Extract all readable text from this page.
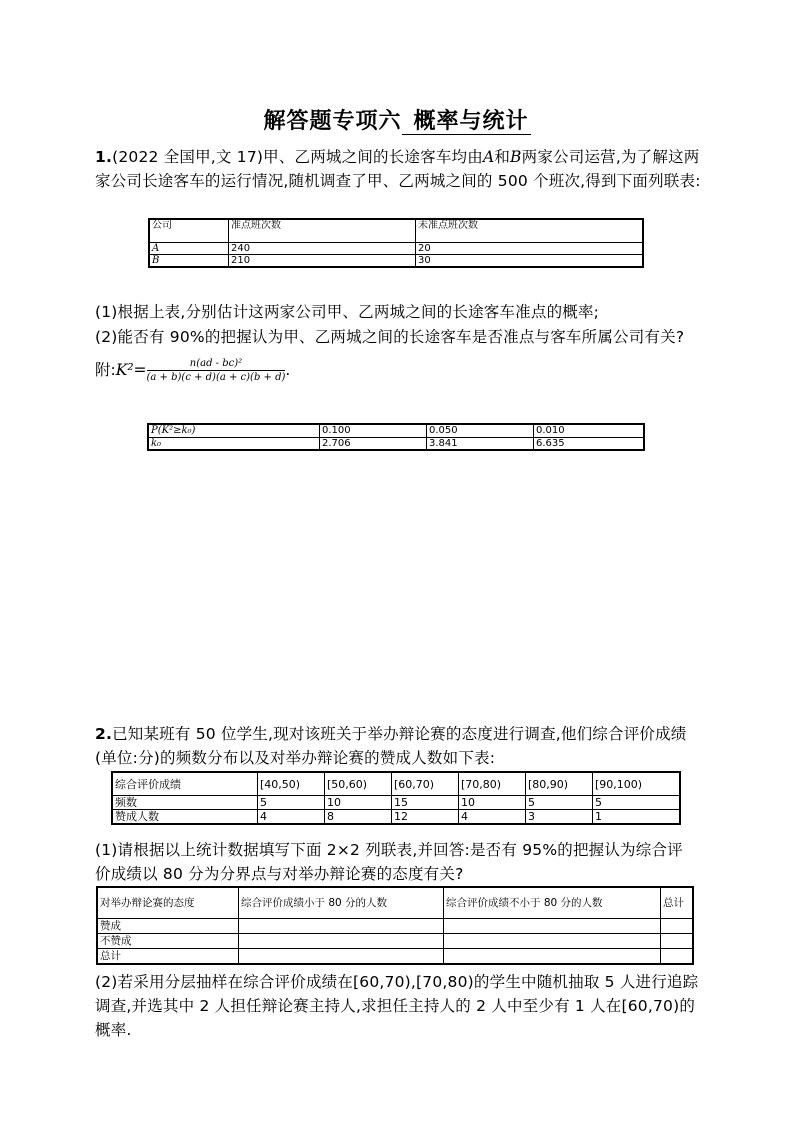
解答题专项六 概率与统计
1.(2022 全国甲,文 17)甲、乙两城之间的长途客车均由A和B两家公司运营,为了解这两家公司长途客车的运行情况,随机调查了甲、乙两城之间的 500 个班次,得到下面列联表:
公司	准点班次数	未准点班次数
A	240	20
B	210	30
(1)根据上表,分别估计这两家公司甲、乙两城之间的长途客车准点的概率;
(2)能否有 90%的把握认为甲、乙两城之间的长途客车是否准点与客车所属公司有关?
附:K²= $\frac{\text{n(ad - bc)²}}{(a + b)(c + d)(a + c)(b + d)}$ .
P(K²≥k₀)	0.100	0.050	0.010
k₀	2.706	3.841	6.635
2.已知某班有 50 位学生,现对该班关于举办辩论赛的态度进行调查,他们综合评价成绩(单位:分)的频数分布以及对举办辩论赛的赞成人数如下表:
综合评价成绩	[40,50)	[50,60)	[60,70)	[70,80)	[80,90)	[90,100)
频数	5	10	15	10	5	5
赞成人数	4	8	12	4	3	1
(1)请根据以上统计数据填写下面 2×2 列联表,并回答:是否有 95%的把握认为综合评价成绩以 80 分为分界点与对举办辩论赛的态度有关?
对举办辩论赛的态度	综合评价成绩小于 80 分的人数	综合评价成绩不小于 80 分的人数	总计
赞成			
不赞成			
总计			
(2)若采用分层抽样在综合评价成绩在[60,70),[70,80)的学生中随机抽取 5 人进行追踪调查,并选其中 2 人担任辩论赛主持人,求担任主持人的 2 人中至少有 1 人在[60,70)的概率.
